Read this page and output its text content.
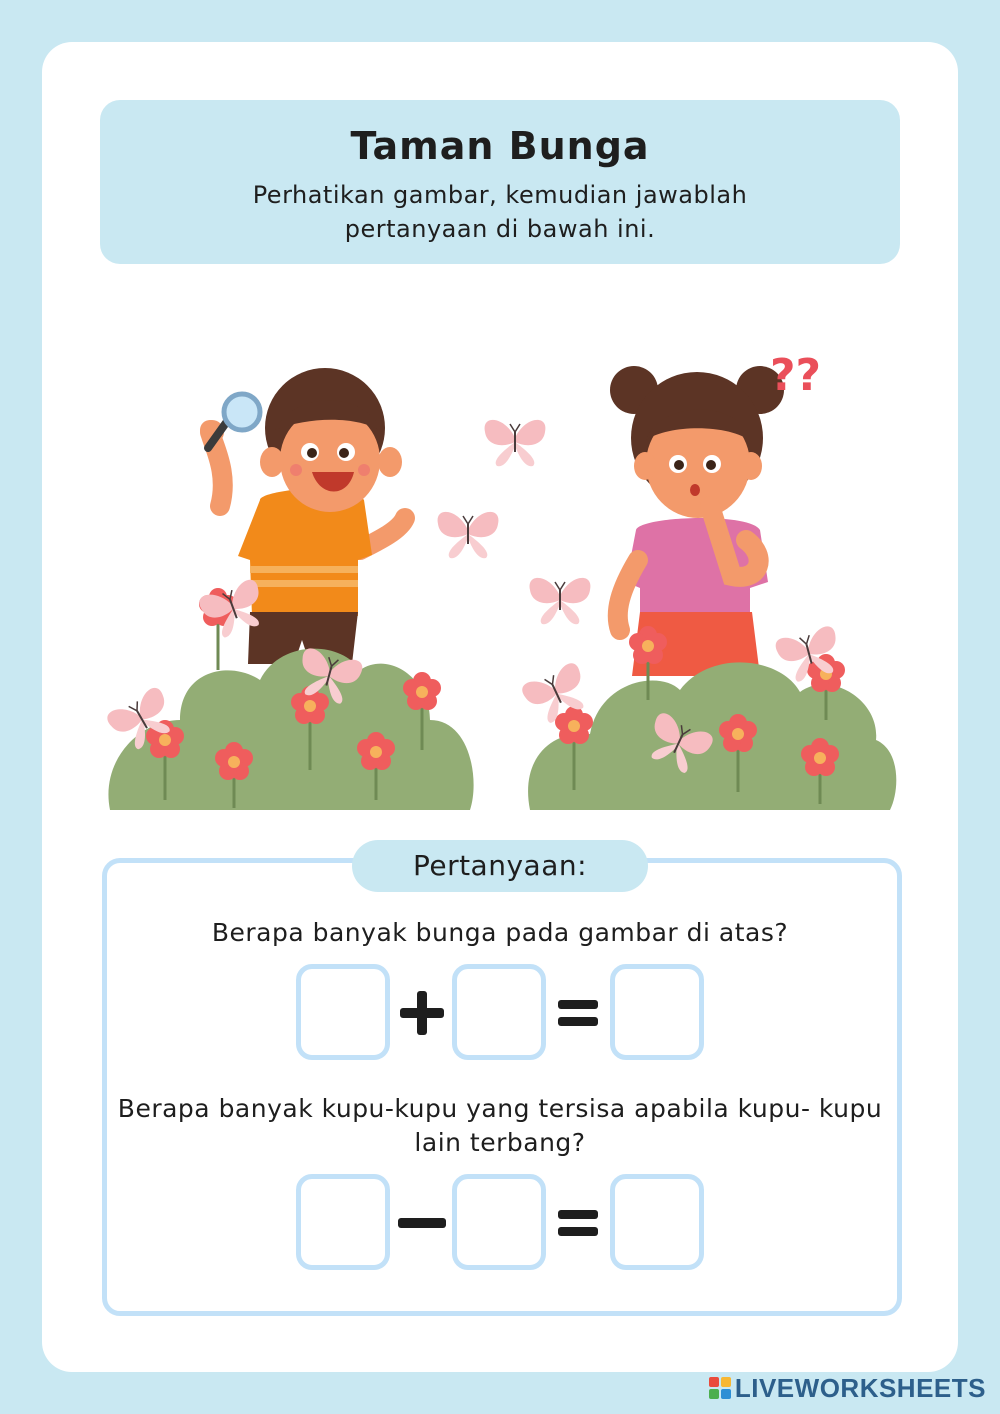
Taman Bunga
Perhatikan gambar, kemudian jawablah pertanyaan di bawah ini.
??
Pertanyaan:
Berapa banyak bunga pada gambar di atas?
Berapa banyak kupu-kupu yang tersisa apabila kupu- kupu lain terbang?
LIVEWORKSHEETS
